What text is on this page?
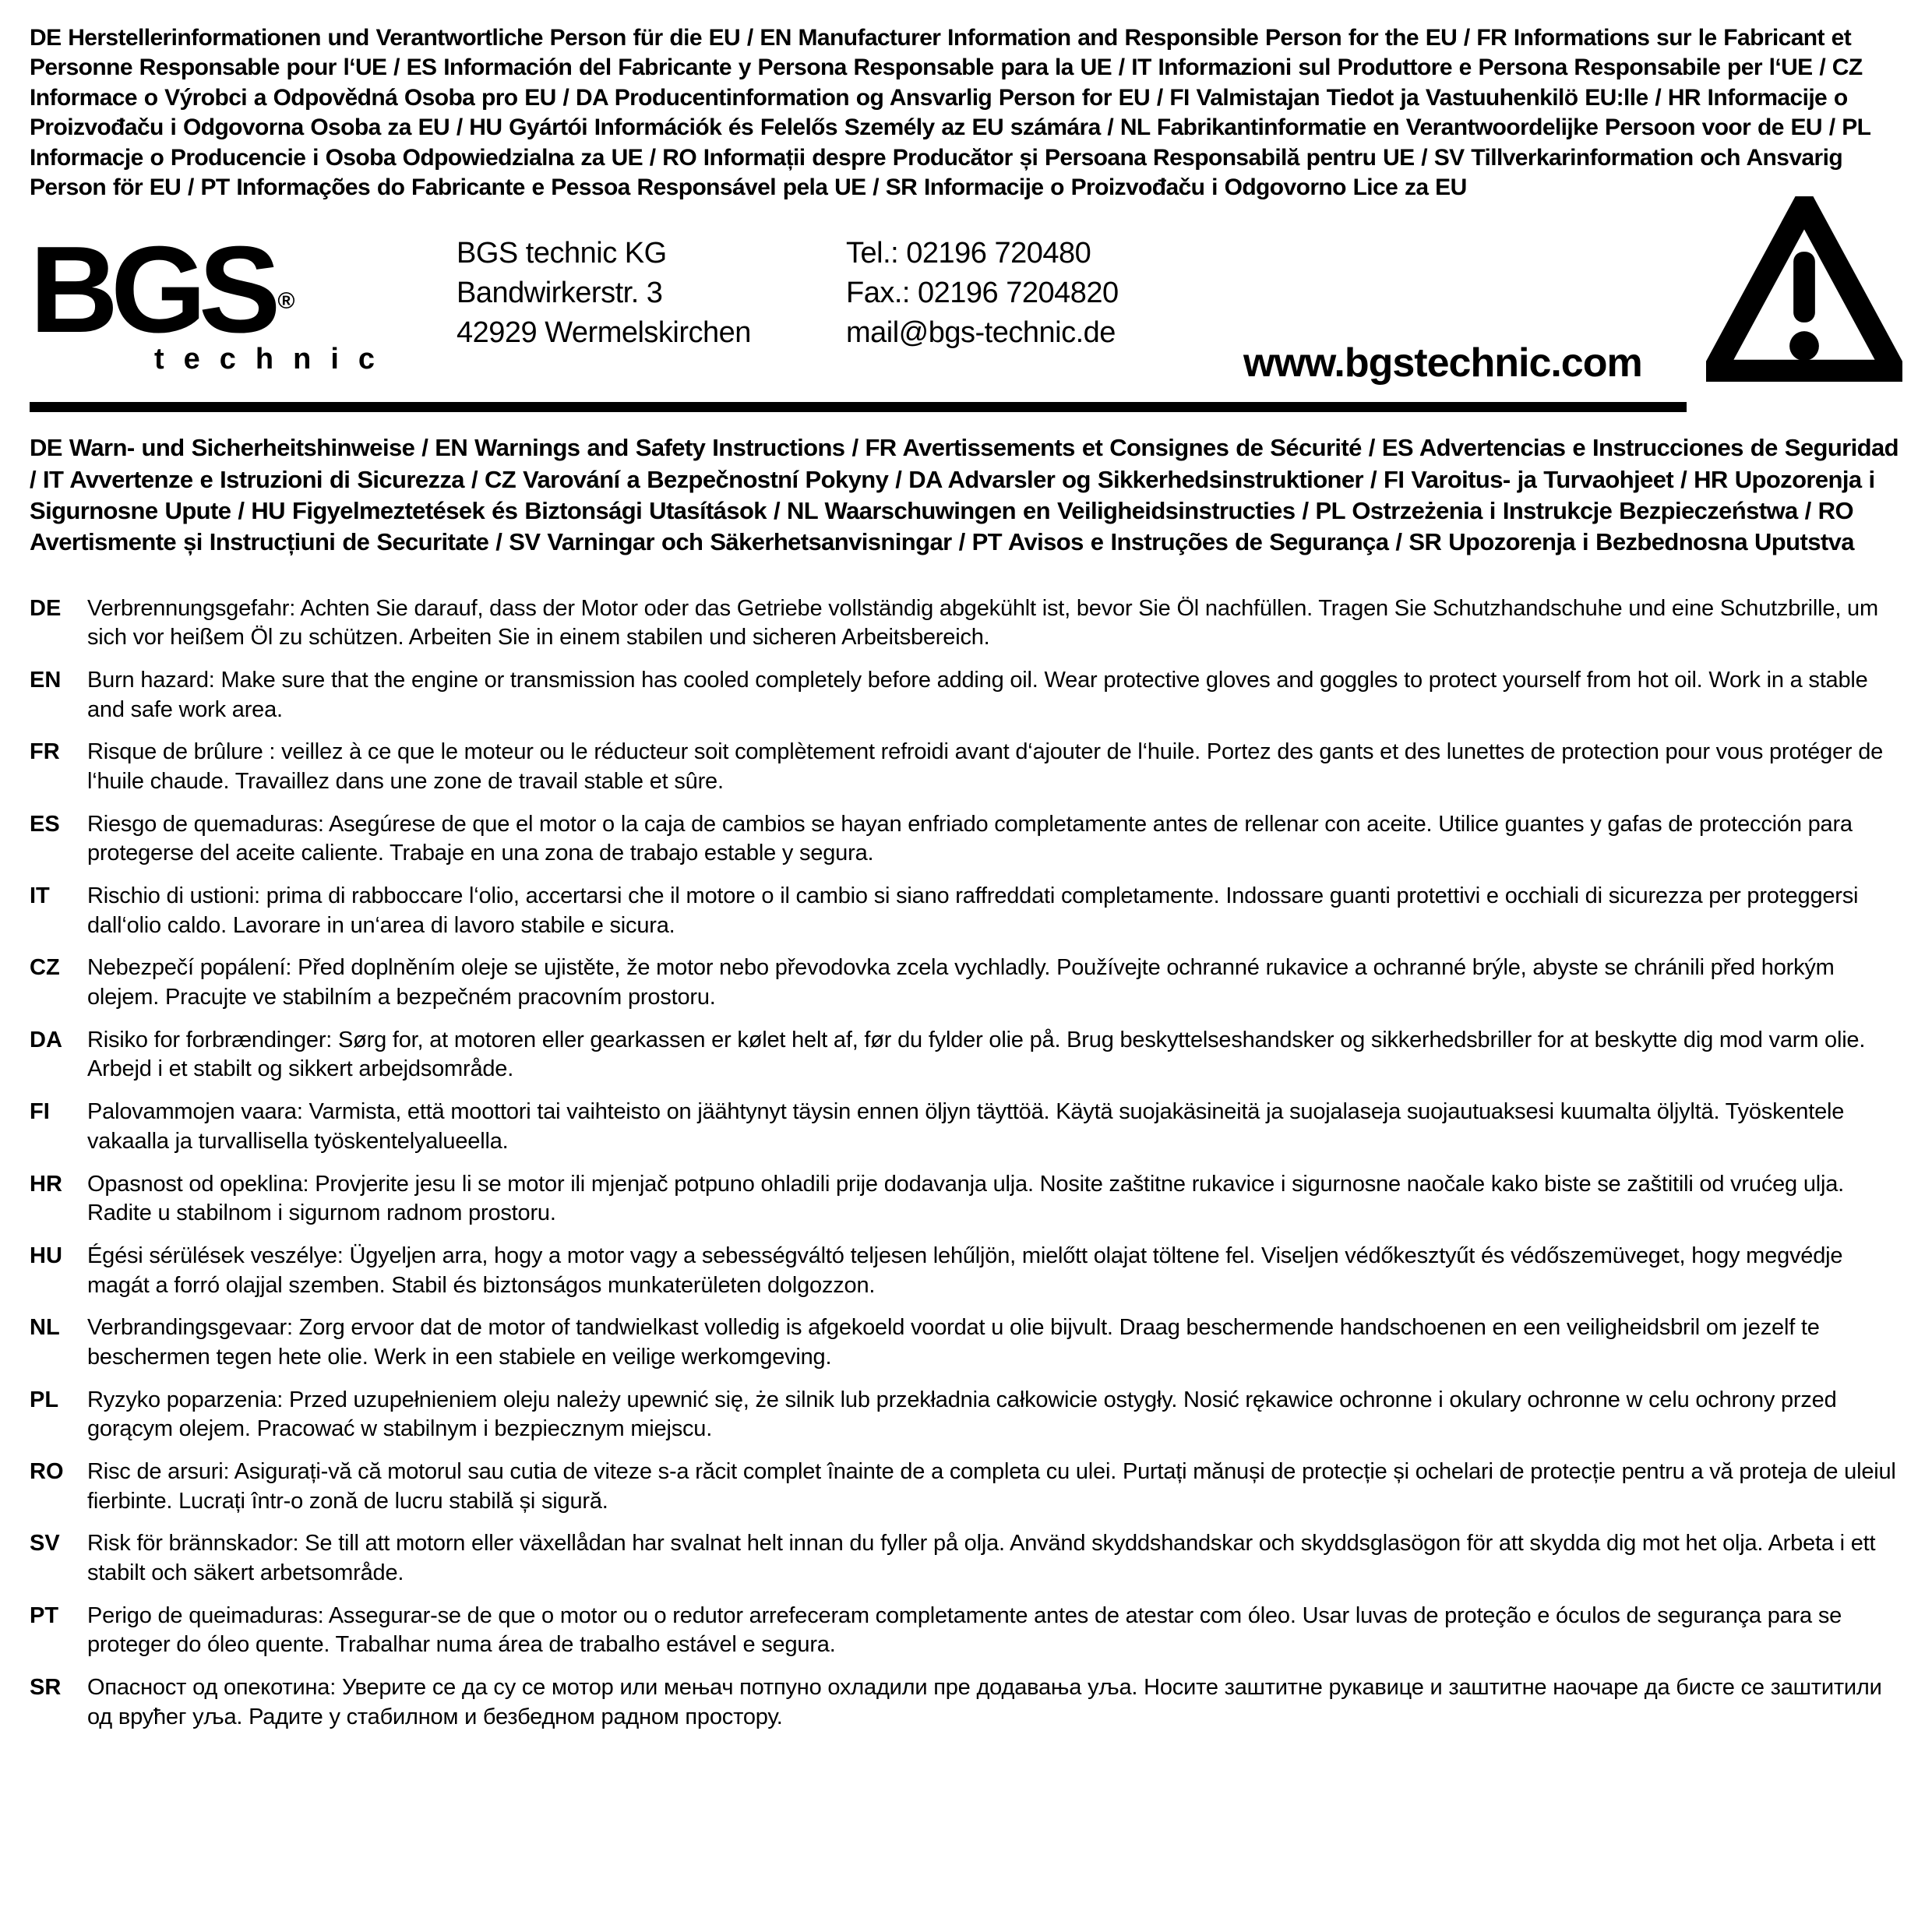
DE Herstellerinformationen und Verantwortliche Person für die EU / EN Manufacturer Information and Responsible Person for the EU / FR Informations sur le Fabricant et Personne Responsable pour l‘UE / ES Información del Fabricante y Persona Responsable para la UE / IT Informazioni sul Produttore e Persona Responsabile per l‘UE / CZ Informace o Výrobci a Odpovědná Osoba pro EU / DA Producentinformation og Ansvarlig Person for EU / FI Valmistajan Tiedot ja Vastuuhenkilö EU:lle / HR Informacije o Proizvođaču i Odgovorna Osoba za EU / HU Gyártói Információk és Felelős Személy az EU számára / NL Fabrikantinformatie en Verantwoordelijke Persoon voor de EU / PL Informacje o Producencie i Osoba Odpowiedzialna za UE / RO Informații despre Producător și Persoana Responsabilă pentru UE / SV Tillverkarinformation och Ansvarig Person för EU / PT Informações do Fabricante e Pessoa Responsável pela UE / SR Informacije o Proizvođaču i Odgovorno Lice za EU
BGS ®
technic
BGS technic KG
Bandwirkerstr. 3
42929 Wermelskirchen
Tel.: 02196 720480
Fax.: 02196 7204820
mail@bgs-technic.de
www.bgstechnic.com
DE Warn- und Sicherheitshinweise / EN Warnings and Safety Instructions / FR Avertissements et Consignes de Sécurité / ES Advertencias e Instrucciones de Seguridad / IT Avvertenze e Istruzioni di Sicurezza / CZ Varování a Bezpečnostní Pokyny / DA Advarsler og Sikkerhedsinstruktioner / FI Varoitus- ja Turvaohjeet / HR Upozorenja i Sigurnosne Upute / HU Figyelmeztetések és Biztonsági Utasítások / NL Waarschuwingen en Veiligheidsinstructies / PL Ostrzeżenia i Instrukcje Bezpieczeństwa / RO Avertismente și Instrucțiuni de Securitate / SV Varningar och Säkerhetsanvisningar / PT Avisos e Instruções de Segurança / SR Upozorenja i Bezbednosna Uputstva
DE	Verbrennungsgefahr: Achten Sie darauf, dass der Motor oder das Getriebe vollständig abgekühlt ist, bevor Sie Öl nachfüllen. Tragen Sie Schutzhandschuhe und eine Schutzbrille, um sich vor heißem Öl zu schützen. Arbeiten Sie in einem stabilen und sicheren Arbeitsbereich.
EN	Burn hazard: Make sure that the engine or transmission has cooled completely before adding oil. Wear protective gloves and goggles to protect yourself from hot oil. Work in a stable and safe work area.
FR	Risque de brûlure : veillez à ce que le moteur ou le réducteur soit complètement refroidi avant d‘ajouter de l‘huile. Portez des gants et des lunettes de protection pour vous protéger de l‘huile chaude. Travaillez dans une zone de travail stable et sûre.
ES	Riesgo de quemaduras: Asegúrese de que el motor o la caja de cambios se hayan enfriado completamente antes de rellenar con aceite. Utilice guantes y gafas de protección para protegerse del aceite caliente. Trabaje en una zona de trabajo estable y segura.
IT	Rischio di ustioni: prima di rabboccare l‘olio, accertarsi che il motore o il cambio si siano raffreddati completamente. Indossare guanti protettivi e occhiali di sicurezza per proteggersi dall‘olio caldo. Lavorare in un‘area di lavoro stabile e sicura.
CZ	Nebezpečí popálení: Před doplněním oleje se ujistěte, že motor nebo převodovka zcela vychladly. Používejte ochranné rukavice a ochranné brýle, abyste se chránili před horkým olejem. Pracujte ve stabilním a bezpečném pracovním prostoru.
DA	Risiko for forbrændinger: Sørg for, at motoren eller gearkassen er kølet helt af, før du fylder olie på. Brug beskyttelseshandsker og sikkerhedsbriller for at beskytte dig mod varm olie. Arbejd i et stabilt og sikkert arbejdsområde.
FI	Palovammojen vaara: Varmista, että moottori tai vaihteisto on jäähtynyt täysin ennen öljyn täyttöä. Käytä suojakäsineitä ja suojalaseja suojautuaksesi kuumalta öljyltä. Työskentele vakaalla ja turvallisella työskentelyalueella.
HR	Opasnost od opeklina: Provjerite jesu li se motor ili mjenjač potpuno ohladili prije dodavanja ulja. Nosite zaštitne rukavice i sigurnosne naočale kako biste se zaštitili od vrućeg ulja. Radite u stabilnom i sigurnom radnom prostoru.
HU	Égési sérülések veszélye: Ügyeljen arra, hogy a motor vagy a sebességváltó teljesen lehűljön, mielőtt olajat töltene fel. Viseljen védőkesztyűt és védőszemüveget, hogy megvédje magát a forró olajjal szemben. Stabil és biztonságos munkaterületen dolgozzon.
NL	Verbrandingsgevaar: Zorg ervoor dat de motor of tandwielkast volledig is afgekoeld voordat u olie bijvult. Draag beschermende handschoenen en een veiligheidsbril om jezelf te beschermen tegen hete olie. Werk in een stabiele en veilige werkomgeving.
PL	Ryzyko poparzenia: Przed uzupełnieniem oleju należy upewnić się, że silnik lub przekładnia całkowicie ostygły. Nosić rękawice ochronne i okulary ochronne w celu ochrony przed gorącym olejem. Pracować w stabilnym i bezpiecznym miejscu.
RO	Risc de arsuri: Asigurați-vă că motorul sau cutia de viteze s-a răcit complet înainte de a completa cu ulei. Purtați mănuși de protecție și ochelari de protecție pentru a vă proteja de uleiul fierbinte. Lucrați într-o zonă de lucru stabilă și sigură.
SV	Risk för brännskador: Se till att motorn eller växellådan har svalnat helt innan du fyller på olja. Använd skyddshandskar och skyddsglasögon för att skydda dig mot het olja. Arbeta i ett stabilt och säkert arbetsområde.
PT	Perigo de queimaduras: Assegurar-se de que o motor ou o redutor arrefeceram completamente antes de atestar com óleo. Usar luvas de proteção e óculos de segurança para se proteger do óleo quente. Trabalhar numa área de trabalho estável e segura.
SR	Опасност од опекотина: Уверите се да су се мотор или мењач потпуно охладили пре додавања уља. Носите заштитне рукавице и заштитне наочаре да бисте се заштитили од врућег уља. Радите у стабилном и безбедном радном простору.
